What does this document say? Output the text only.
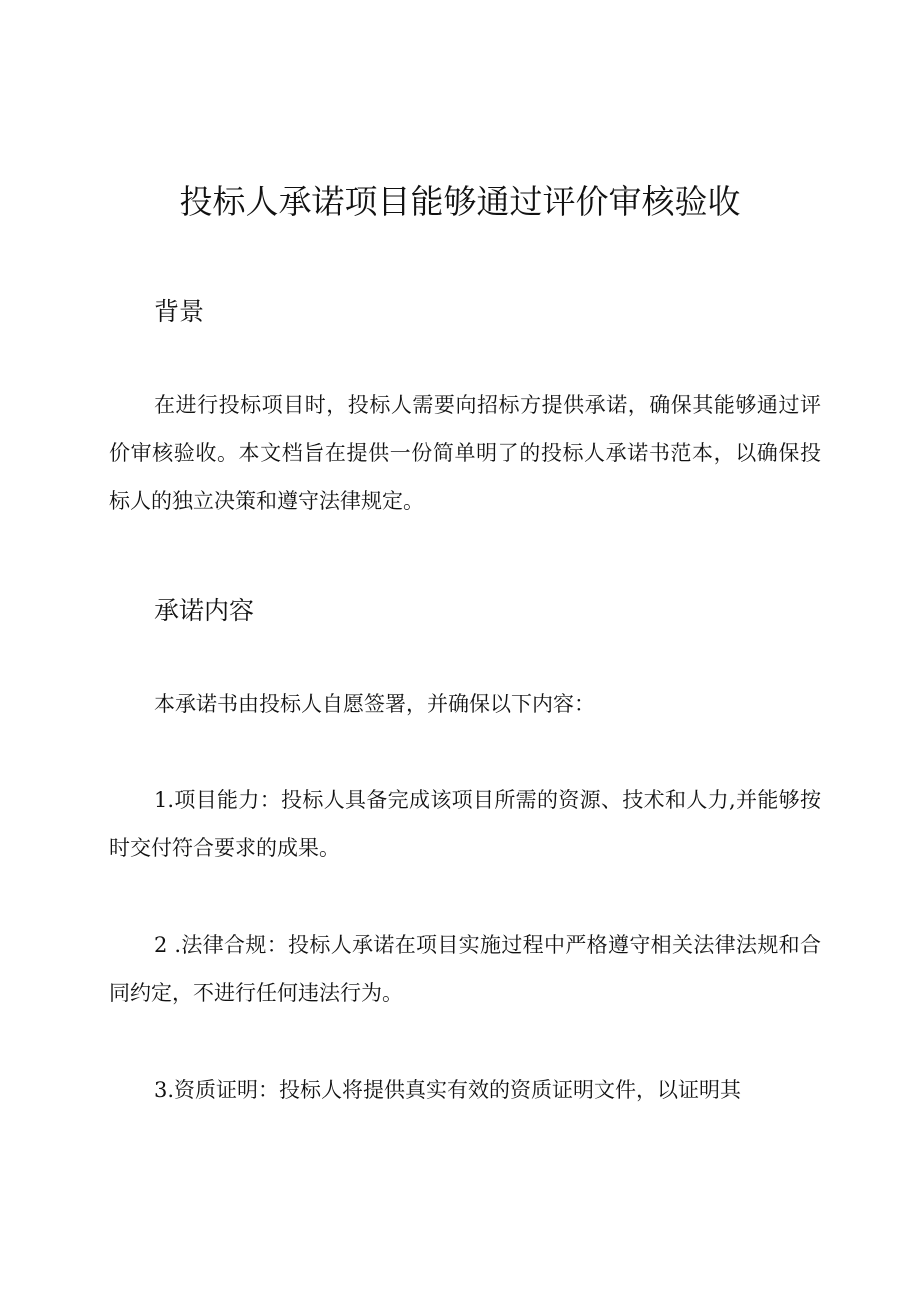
投标人承诺项目能够通过评价审核验收
背景

在进行投标项目时，投标人需要向招标方提供承诺，确保其能够通过评价审核验收。本文档旨在提供一份简单明了的投标人承诺书范本，以确保投标人的独立决策和遵守法律规定。

承诺内容

本承诺书由投标人自愿签署，并确保以下内容：

1.项目能力：投标人具备完成该项目所需的资源、技术和人力,并能够按时交付符合要求的成果。

2 .法律合规：投标人承诺在项目实施过程中严格遵守相关法律法规和合同约定，不进行任何违法行为。

3.资质证明：投标人将提供真实有效的资质证明文件，以证明其
